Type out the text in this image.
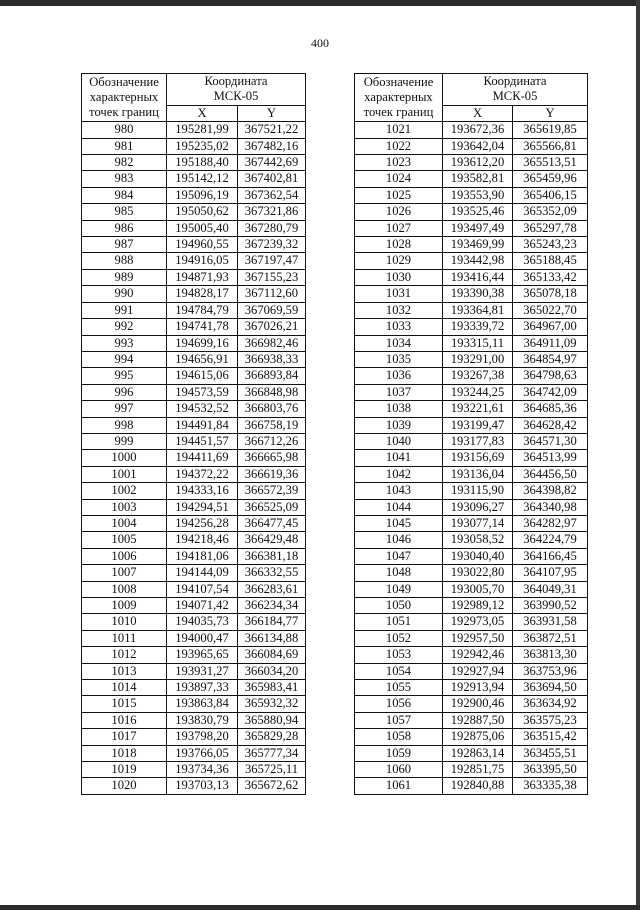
400
Обозначение
характерных
точек границ	Координата
МСК-05	
	X	Y
980	195281,99	367521,22
981	195235,02	367482,16
982	195188,40	367442,69
983	195142,12	367402,81
984	195096,19	367362,54
985	195050,62	367321,86
986	195005,40	367280,79
987	194960,55	367239,32
988	194916,05	367197,47
989	194871,93	367155,23
990	194828,17	367112,60
991	194784,79	367069,59
992	194741,78	367026,21
993	194699,16	366982,46
994	194656,91	366938,33
995	194615,06	366893,84
996	194573,59	366848,98
997	194532,52	366803,76
998	194491,84	366758,19
999	194451,57	366712,26
1000	194411,69	366665,98
1001	194372,22	366619,36
1002	194333,16	366572,39
1003	194294,51	366525,09
1004	194256,28	366477,45
1005	194218,46	366429,48
1006	194181,06	366381,18
1007	194144,09	366332,55
1008	194107,54	366283,61
1009	194071,42	366234,34
1010	194035,73	366184,77
1011	194000,47	366134,88
1012	193965,65	366084,69
1013	193931,27	366034,20
1014	193897,33	365983,41
1015	193863,84	365932,32
1016	193830,79	365880,94
1017	193798,20	365829,28
1018	193766,05	365777,34
1019	193734,36	365725,11
1020	193703,13	365672,62
Обозначение
характерных
точек границ	Координата
МСК-05	
	X	Y
1021	193672,36	365619,85
1022	193642,04	365566,81
1023	193612,20	365513,51
1024	193582,81	365459,96
1025	193553,90	365406,15
1026	193525,46	365352,09
1027	193497,49	365297,78
1028	193469,99	365243,23
1029	193442,98	365188,45
1030	193416,44	365133,42
1031	193390,38	365078,18
1032	193364,81	365022,70
1033	193339,72	364967,00
1034	193315,11	364911,09
1035	193291,00	364854,97
1036	193267,38	364798,63
1037	193244,25	364742,09
1038	193221,61	364685,36
1039	193199,47	364628,42
1040	193177,83	364571,30
1041	193156,69	364513,99
1042	193136,04	364456,50
1043	193115,90	364398,82
1044	193096,27	364340,98
1045	193077,14	364282,97
1046	193058,52	364224,79
1047	193040,40	364166,45
1048	193022,80	364107,95
1049	193005,70	364049,31
1050	192989,12	363990,52
1051	192973,05	363931,58
1052	192957,50	363872,51
1053	192942,46	363813,30
1054	192927,94	363753,96
1055	192913,94	363694,50
1056	192900,46	363634,92
1057	192887,50	363575,23
1058	192875,06	363515,42
1059	192863,14	363455,51
1060	192851,75	363395,50
1061	192840,88	363335,38
